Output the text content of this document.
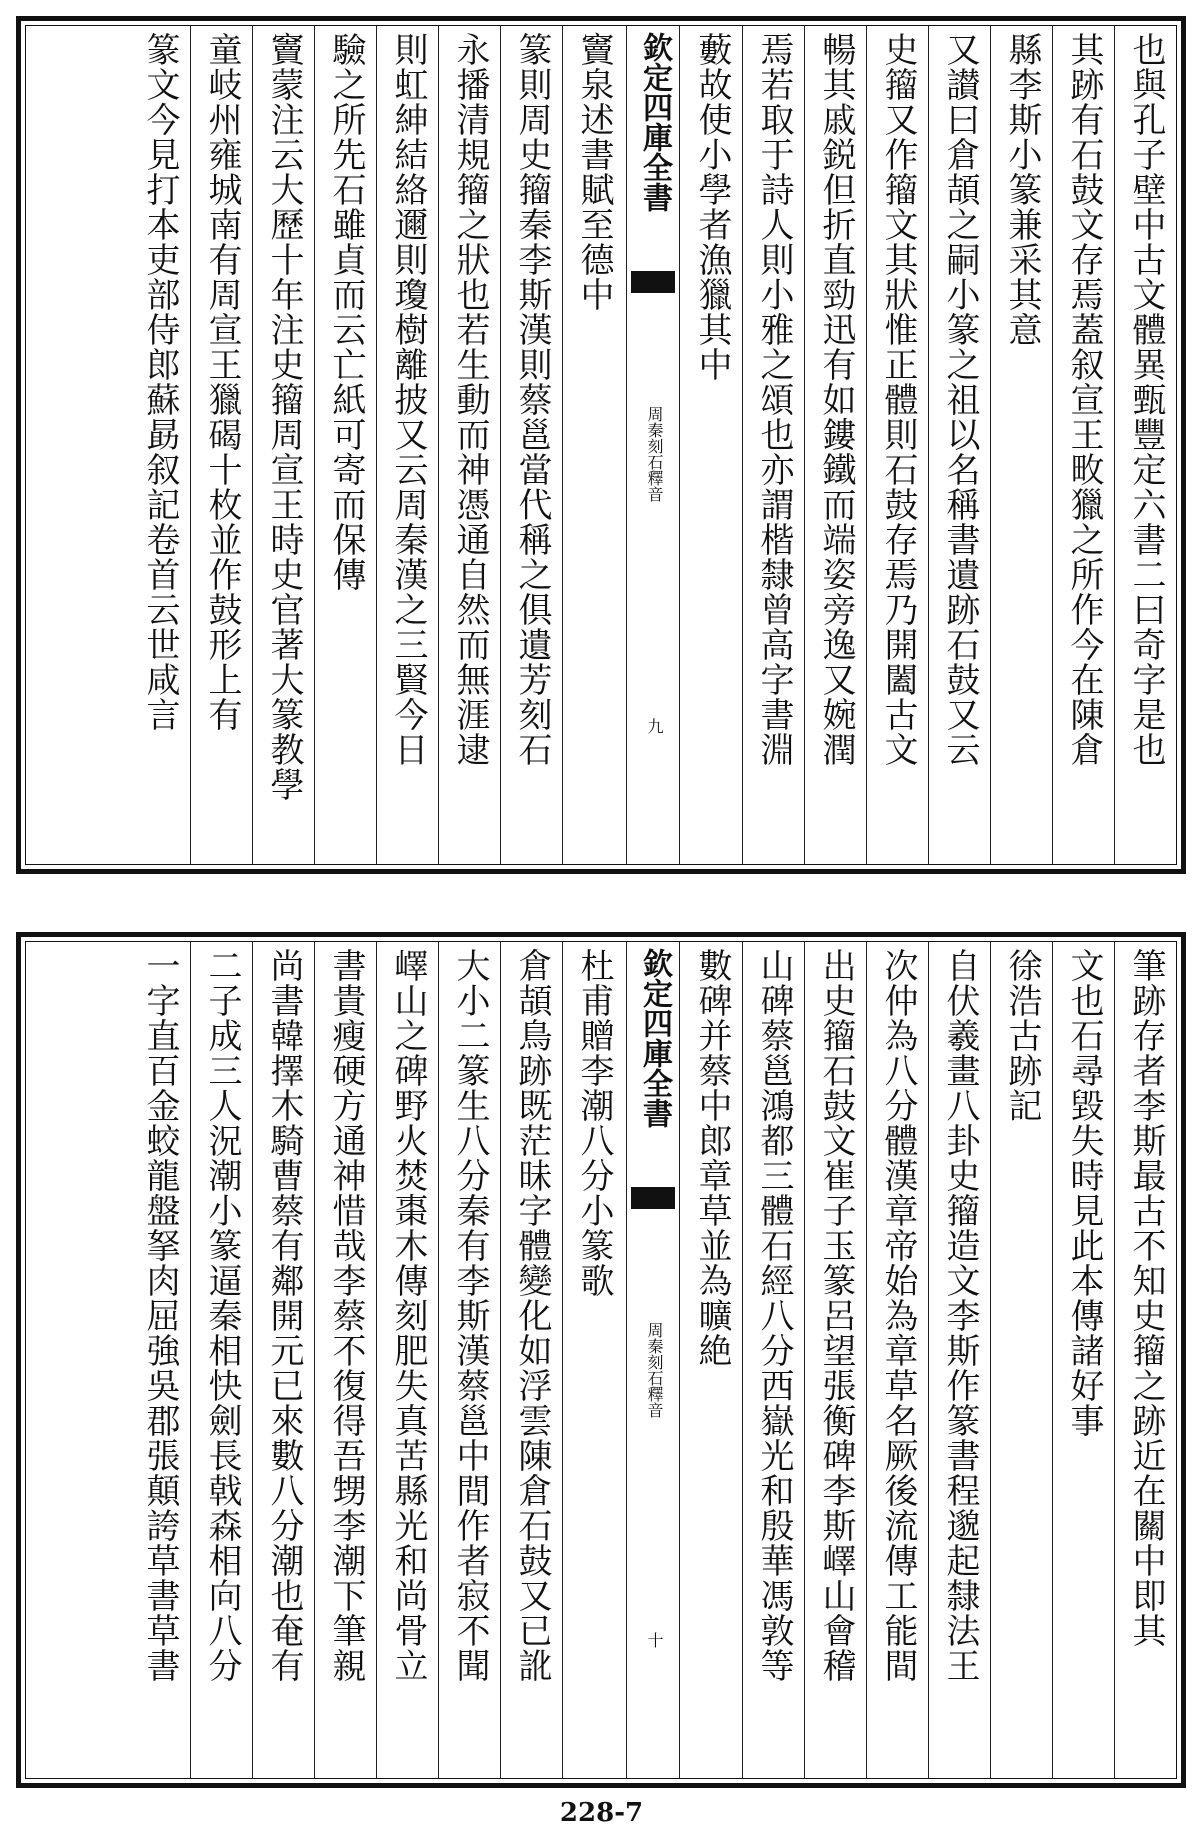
也與孔子壁中古文體異甄豐定六書二曰奇字是也
其跡有石鼓文存焉蓋叙宣王畋獵之所作今在陳倉
縣李斯小篆兼采其意
又讃曰倉頡之嗣小篆之祖以名稱書遺跡石鼓又云
史籀又作籀文其狀惟正體則石鼓存焉乃開闔古文
暢其戚鋭但折直勁迅有如鏤鐵而端姿旁逸又婉潤
焉若取于詩人則小雅之頌也亦謂楷隸曾高字書淵
藪故使小學者漁獵其中
欽定四庫全書
周秦刻石釋音
九
竇泉述書賦至德中
篆則周史籀秦李斯漢則蔡邕當代稱之俱遺芳刻石
永播清規籀之狀也若生動而神憑通自然而無涯逮
則虹紳結絡邇則瓊樹離披又云周秦漢之三賢今日
驗之所先石雖貞而云亡紙可寄而保傳
竇蒙注云大歷十年注史籀周宣王時史官著大篆教學
童岐州雍城南有周宣王獵碣十枚並作鼓形上有
篆文今見打本吏部侍郎蘇勗叙記卷首云世咸言
筆跡存者李斯最古不知史籀之跡近在關中即其
文也石尋毀失時見此本傳諸好事
徐浩古跡記
自伏羲畫八卦史籀造文李斯作篆書程邈起隸法王
次仲為八分體漢章帝始為章草名厥後流傳工能間
出史籀石鼓文崔子玉篆呂望張衡碑李斯嶧山會稽
山碑蔡邕鴻都三體石經八分西嶽光和殷華馮敦等
數碑并蔡中郎章草並為曠絶
欽定四庫全書
周秦刻石釋音
十
杜甫贈李潮八分小篆歌
倉頡鳥跡既茫昧字體變化如浮雲陳倉石鼓又已訛
大小二篆生八分秦有李斯漢蔡邕中間作者寂不聞
嶧山之碑野火焚棗木傳刻肥失真苦縣光和尚骨立
書貴瘦硬方通神惜哉李蔡不復得吾甥李潮下筆親
尚書韓擇木騎曹蔡有鄰開元已來數八分潮也奄有
二子成三人況潮小篆逼秦相快劍長戟森相向八分
一字直百金蛟龍盤拏肉屈強吳郡張顛誇草書草書
228-7
